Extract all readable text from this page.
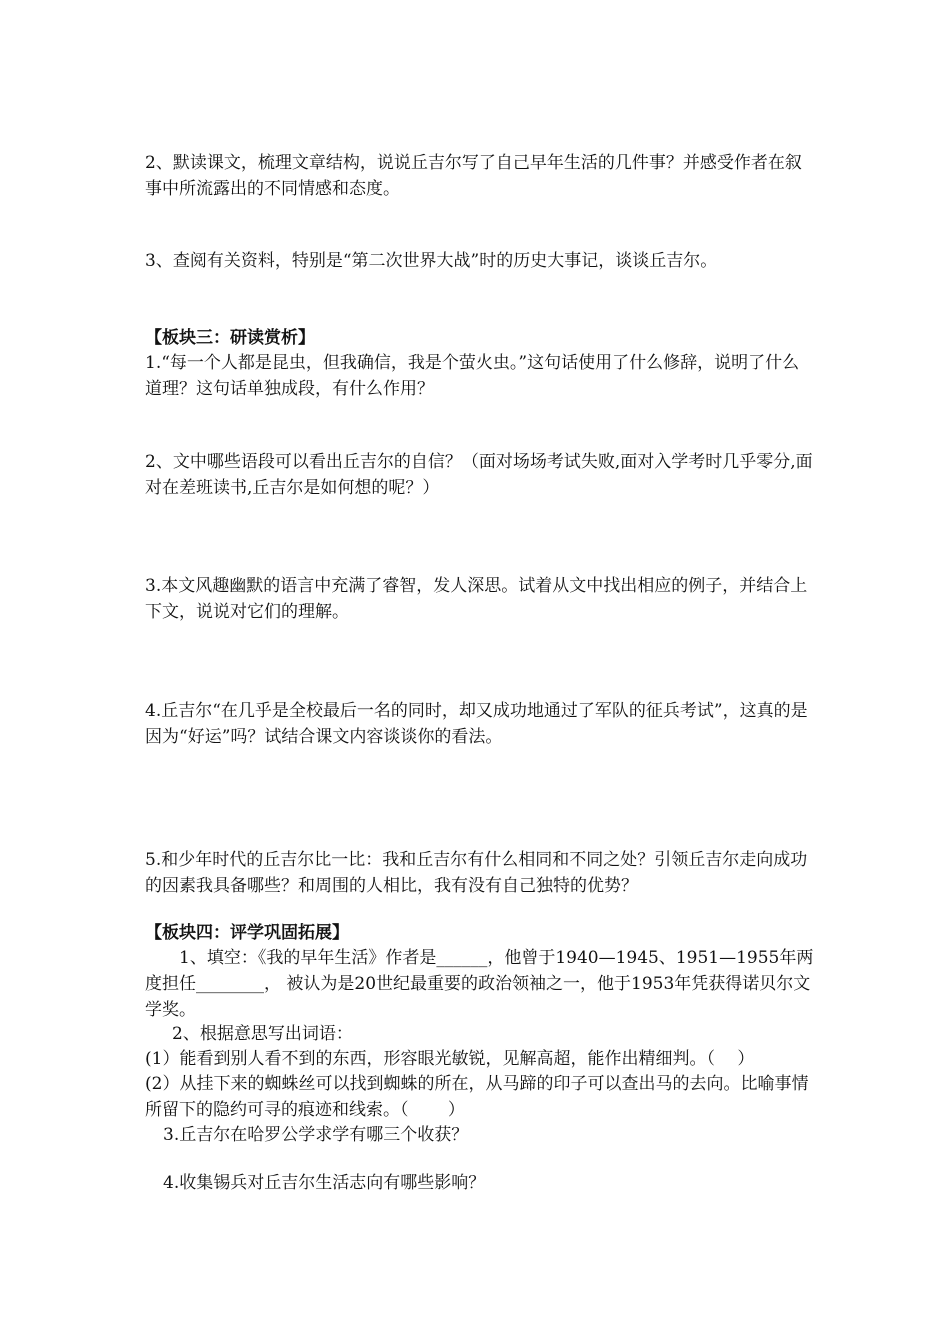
2、默读课文，梳理文章结构，说说丘吉尔写了自己早年生活的几件事？并感受作者在叙事中所流露出的不同情感和态度。

3、查阅有关资料，特别是“第二次世界大战”时的历史大事记，谈谈丘吉尔。

【板块三：研读赏析】

1.“每一个人都是昆虫，但我确信，我是个萤火虫。”这句话使用了什么修辞，说明了什么道理？这句话单独成段，有什么作用？

2、文中哪些语段可以看出丘吉尔的自信？（面对场场考试失败,面对入学考时几乎零分,面对在差班读书,丘吉尔是如何想的呢？）

3.本文风趣幽默的语言中充满了睿智，发人深思。试着从文中找出相应的例子，并结合上下文，说说对它们的理解。

4.丘吉尔“在几乎是全校最后一名的同时，却又成功地通过了军队的征兵考试”，这真的是因为“好运”吗？试结合课文内容谈谈你的看法。

5.和少年时代的丘吉尔比一比：我和丘吉尔有什么相同和不同之处？引领丘吉尔走向成功的因素我具备哪些？和周围的人相比，我有没有自己独特的优势？

【板块四：评学巩固拓展】

1、填空：《我的早年生活》作者是______，他曾于1940—1945、1951—1955年两度担任________， 被认为是20世纪最重要的政治领袖之一，他于1953年凭获得诺贝尔文学奖。

2、根据意思写出词语：

(1）能看到别人看不到的东西，形容眼光敏锐，见解高超，能作出精细判。（　 ）

(2）从挂下来的蜘蛛丝可以找到蜘蛛的所在，从马蹄的印子可以查出马的去向。比喻事情所留下的隐约可寻的痕迹和线索。（　　 ）

3.丘吉尔在哈罗公学求学有哪三个收获？

4.收集锡兵对丘吉尔生活志向有哪些影响？
